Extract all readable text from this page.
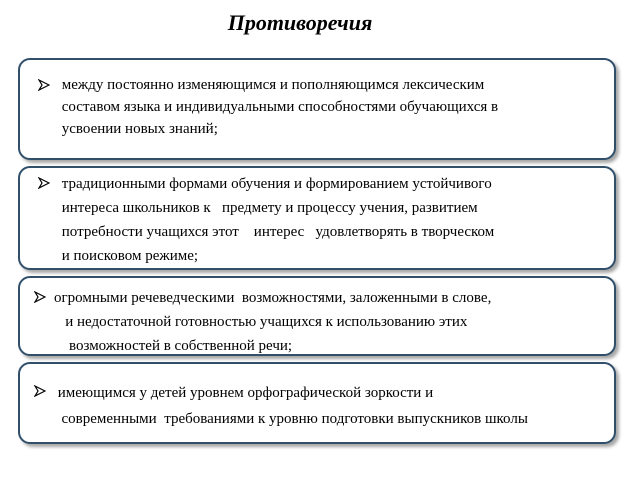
Противоречия
между постоянно изменяющимся и пополняющимся лексическим
составом языка и индивидуальными способностями обучающихся в
усвоении новых знаний;
традиционными формами обучения и формированием устойчивого
интереса школьников к   предмету и процессу учения, развитием
потребности учащихся этот    интерес   удовлетворять в творческом
и поисковом режиме;
огромными речеведческими  возможностями, заложенными в слове,
и недостаточной готовностью учащихся к использованию этих
возможностей в собственной речи;
имеющимся у детей уровнем орфографической зоркости и
современными  требованиями к уровню подготовки выпускников школы
